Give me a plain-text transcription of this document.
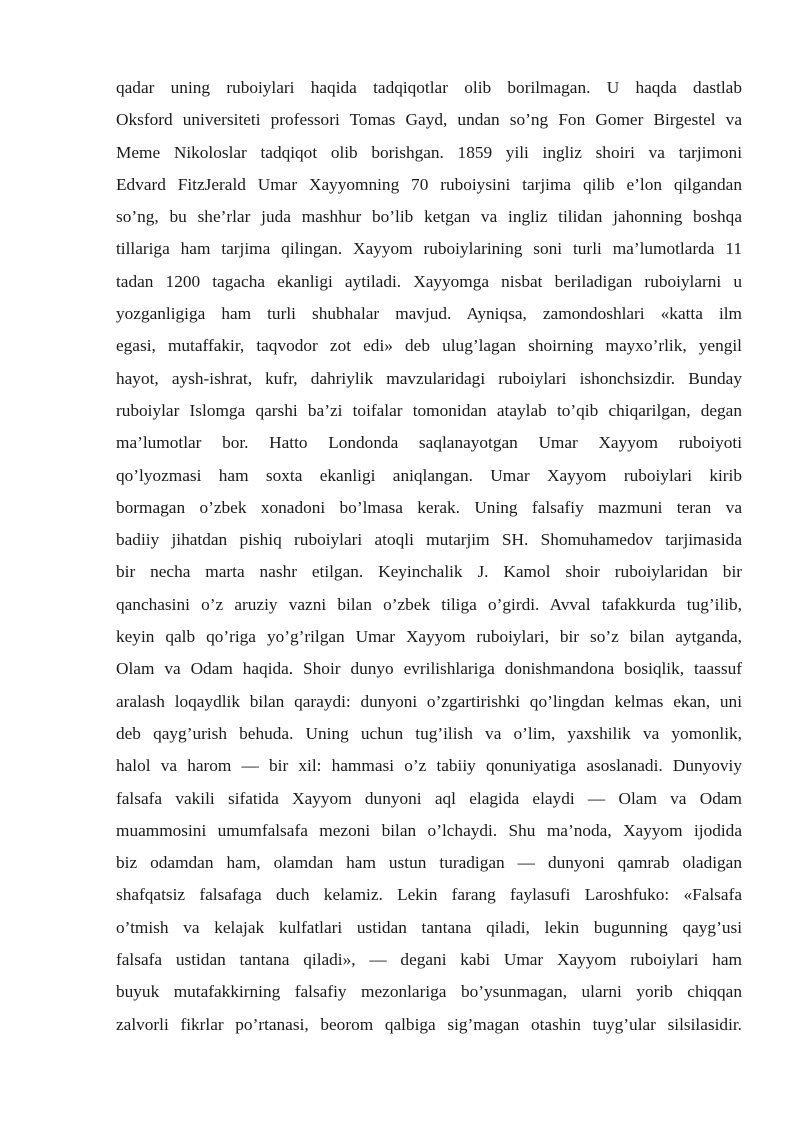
qadar uning ruboiylari haqida tadqiqotlar olib borilmagan. U haqda dastlab
Oksford universiteti professori Tomas Gayd, undan so’ng Fon Gomer Birgestel va
Meme Nikoloslar tadqiqot olib borishgan. 1859 yili ingliz shoiri va tarjimoni
Edvard FitzJerald Umar Xayyomning 70 ruboiysini tarjima qilib e’lon qilgandan
so’ng, bu she’rlar juda mashhur bo’lib ketgan va ingliz tilidan jahonning boshqa
tillariga ham tarjima qilingan. Xayyom ruboiylarining soni turli ma’lumotlarda 11
tadan 1200 tagacha ekanligi aytiladi. Xayyomga nisbat beriladigan ruboiylarni u
yozganligiga ham turli shubhalar mavjud. Ayniqsa, zamondoshlari «katta ilm
egasi, mutaffakir, taqvodor zot edi» deb ulug’lagan shoirning mayxo’rlik, yengil
hayot, aysh-ishrat, kufr, dahriylik mavzularidagi ruboiylari ishonchsizdir. Bunday
ruboiylar Islomga qarshi ba’zi toifalar tomonidan ataylab to’qib chiqarilgan, degan
ma’lumotlar bor. Hatto Londonda saqlanayotgan Umar Xayyom ruboiyoti
qo’lyozmasi ham soxta ekanligi aniqlangan. Umar Xayyom ruboiylari kirib
bormagan o’zbek xonadoni bo’lmasa kerak. Uning falsafiy mazmuni teran va
badiiy jihatdan pishiq ruboiylari atoqli mutarjim SH. Shomuhamedov tarjimasida
bir necha marta nashr etilgan. Keyinchalik J. Kamol shoir ruboiylaridan bir
qanchasini o’z aruziy vazni bilan o’zbek tiliga o’girdi. Avval tafakkurda tug’ilib,
keyin qalb qo’riga yo’g’rilgan Umar Xayyom ruboiylari, bir so’z bilan aytganda,
Olam va Odam haqida. Shoir dunyo evrilishlariga donishmandona bosiqlik, taassuf
aralash loqaydlik bilan qaraydi: dunyoni o’zgartirishki qo’lingdan kelmas ekan, uni
deb qayg’urish behuda. Uning uchun tug’ilish va o’lim, yaxshilik va yomonlik,
halol va harom — bir xil: hammasi o’z tabiiy qonuniyatiga asoslanadi. Dunyoviy
falsafa vakili sifatida Xayyom dunyoni aql elagida elaydi — Olam va Odam
muammosini umumfalsafa mezoni bilan o’lchaydi. Shu ma’noda, Xayyom ijodida
biz odamdan ham, olamdan ham ustun turadigan — dunyoni qamrab oladigan
shafqatsiz falsafaga duch kelamiz. Lekin farang faylasufi Laroshfuko: «Falsafa
o’tmish va kelajak kulfatlari ustidan tantana qiladi, lekin bugunning qayg’usi
falsafa ustidan tantana qiladi», — degani kabi Umar Xayyom ruboiylari ham
buyuk mutafakkirning falsafiy mezonlariga bo’ysunmagan, ularni yorib chiqqan
zalvorli fikrlar po’rtanasi, beorom qalbiga sig’magan otashin tuyg’ular silsilasidir.
